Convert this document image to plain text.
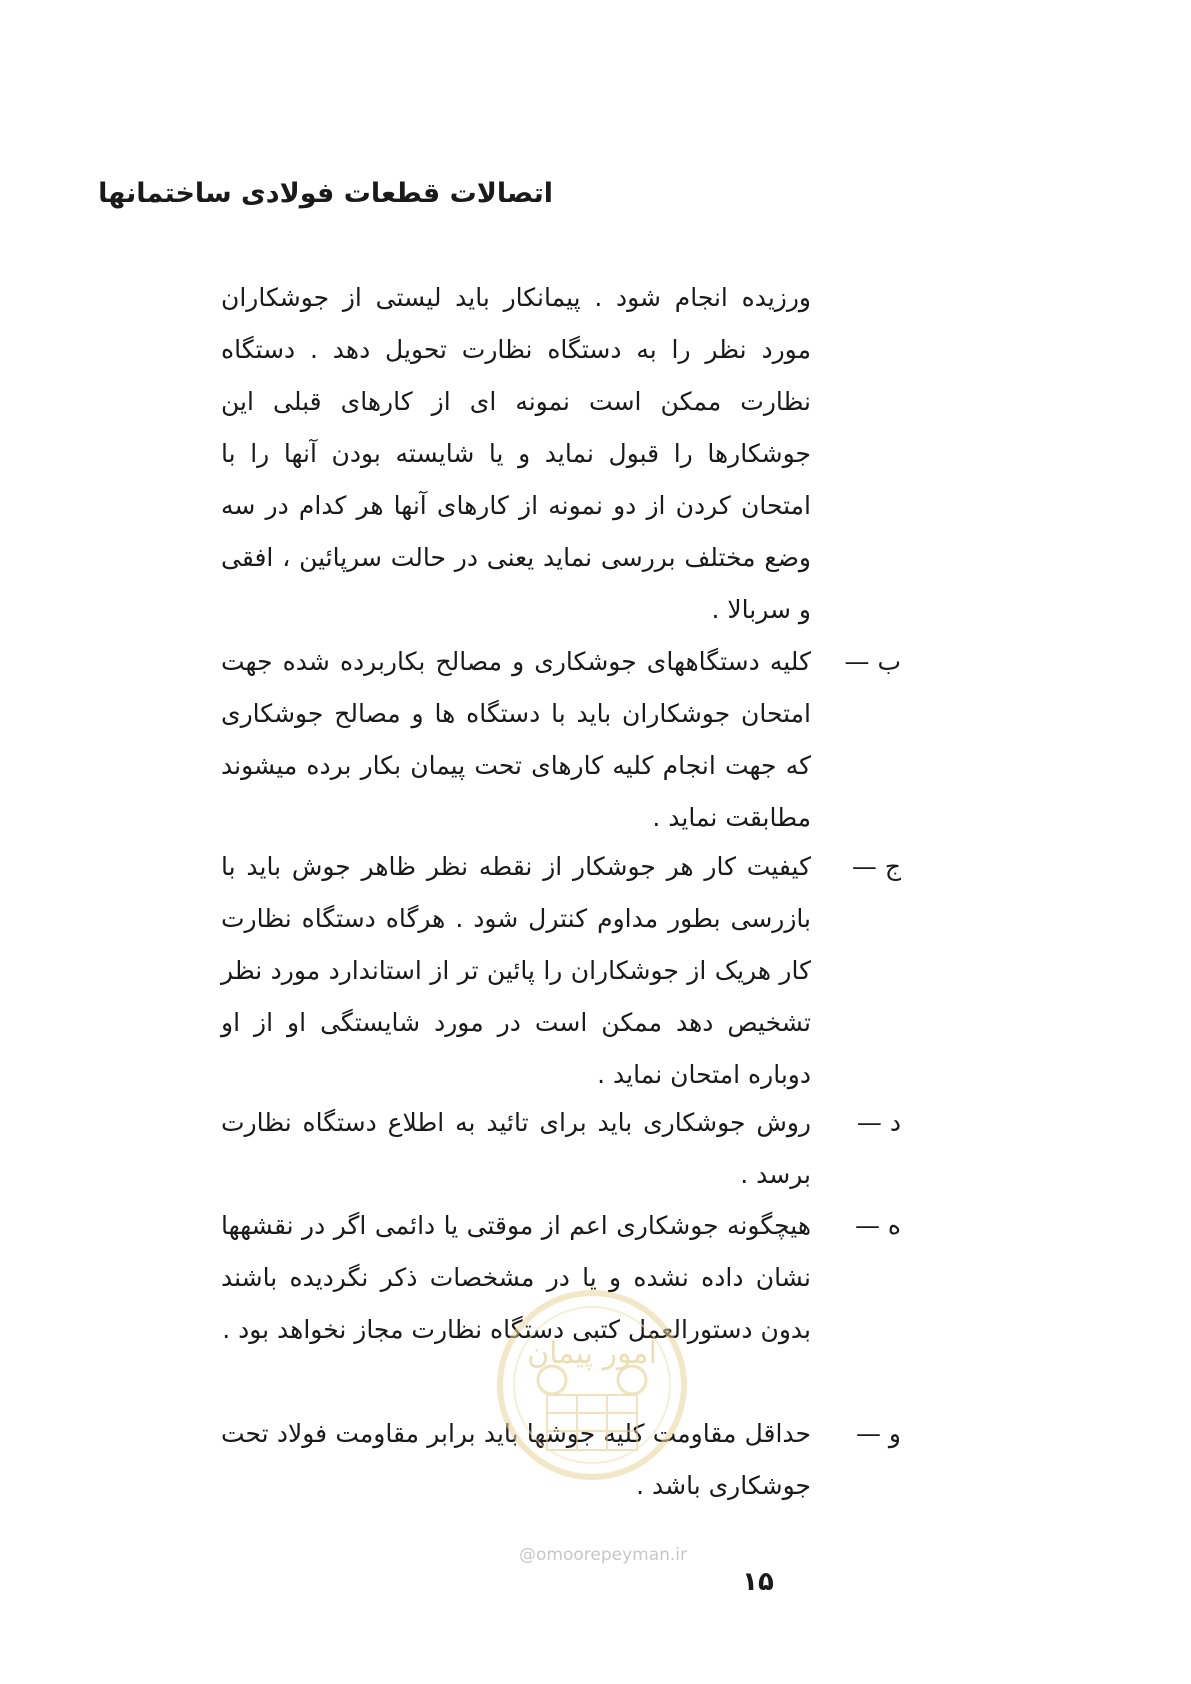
اتصالات قطعات فولادی ساختمانها
ورزیده انجام شود . پیمانکار باید لیستی از جوشکاران مورد نظر را به دستگاه نظارت تحویل دهد . دستگاه نظارت ممکن است نمونه ای از کارهای قبلی این جوشکارها را قبول نماید و یا شایسته بودن آنها را با امتحان کردن از دو نمونه از کارهای آنها هر کدام در سه وضع مختلف بررسی نماید یعنی در حالت سرپائین ، افقی و سربالا .
ب —
کلیه دستگاههای جوشکاری و مصالح بکاربرده شده جهت امتحان جوشکاران باید با دستگاه ها و مصالح جوشکاری که جهت انجام کلیه کارهای تحت پیمان بکار برده میشوند مطابقت نماید .
ج —
کیفیت کار هر جوشکار از نقطه نظر ظاهر جوش باید با بازرسی بطور مداوم کنترل شود . هرگاه دستگاه نظارت کار هریک از جوشکاران را پائین تر از استاندارد مورد نظر تشخیص دهد ممکن است در مورد شایستگی او از او دوباره امتحان نماید .
د —
روش جوشکاری باید برای تائید به اطلاع دستگاه نظارت برسد .
ه —
هیچگونه جوشکاری اعم از موقتی یا دائمی اگر در نقشهها نشان داده نشده و یا در مشخصات ذکر نگردیده باشند بدون دستورالعمل کتبی دستگاه نظارت مجاز نخواهد بود .
و —
حداقل مقاومت کلیه جوشها باید برابر مقاومت فولاد تحت جوشکاری باشد .
امور پیمان
@omoorepeyman.ir
۱۵
